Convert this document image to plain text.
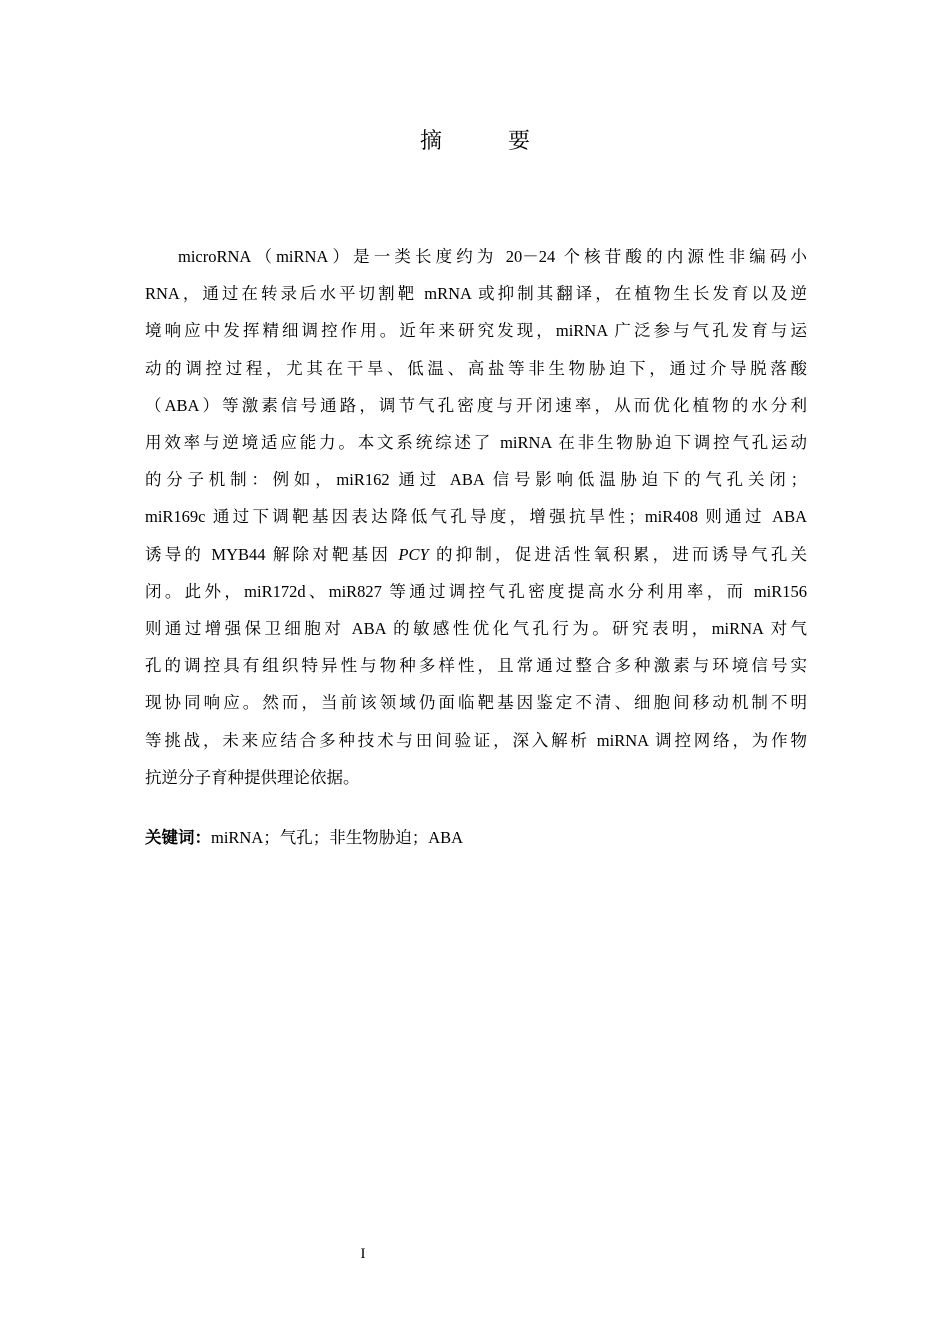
摘　要
microRNA（miRNA）是一类长度约为 20－24 个核苷酸的内源性非编码小
RNA，通过在转录后水平切割靶 mRNA 或抑制其翻译，在植物生长发育以及逆
境响应中发挥精细调控作用。近年来研究发现，miRNA 广泛参与气孔发育与运
动的调控过程，尤其在干旱、低温、高盐等非生物胁迫下，通过介导脱落酸
（ABA）等激素信号通路，调节气孔密度与开闭速率，从而优化植物的水分利
用效率与逆境适应能力。本文系统综述了 miRNA 在非生物胁迫下调控气孔运动
的分子机制：例如，miR162 通过 ABA 信号影响低温胁迫下的气孔关闭；
miR169c 通过下调靶基因表达降低气孔导度，增强抗旱性；miR408 则通过 ABA
诱导的 MYB44 解除对靶基因 PCY 的抑制，促进活性氧积累，进而诱导气孔关
闭。此外，miR172d、miR827 等通过调控气孔密度提高水分利用率，而 miR156
则通过增强保卫细胞对 ABA 的敏感性优化气孔行为。研究表明，miRNA 对气
孔的调控具有组织特异性与物种多样性，且常通过整合多种激素与环境信号实
现协同响应。然而，当前该领域仍面临靶基因鉴定不清、细胞间移动机制不明
等挑战，未来应结合多种技术与田间验证，深入解析 miRNA 调控网络，为作物
抗逆分子育种提供理论依据。
关键词：miRNA；气孔；非生物胁迫；ABA
I
